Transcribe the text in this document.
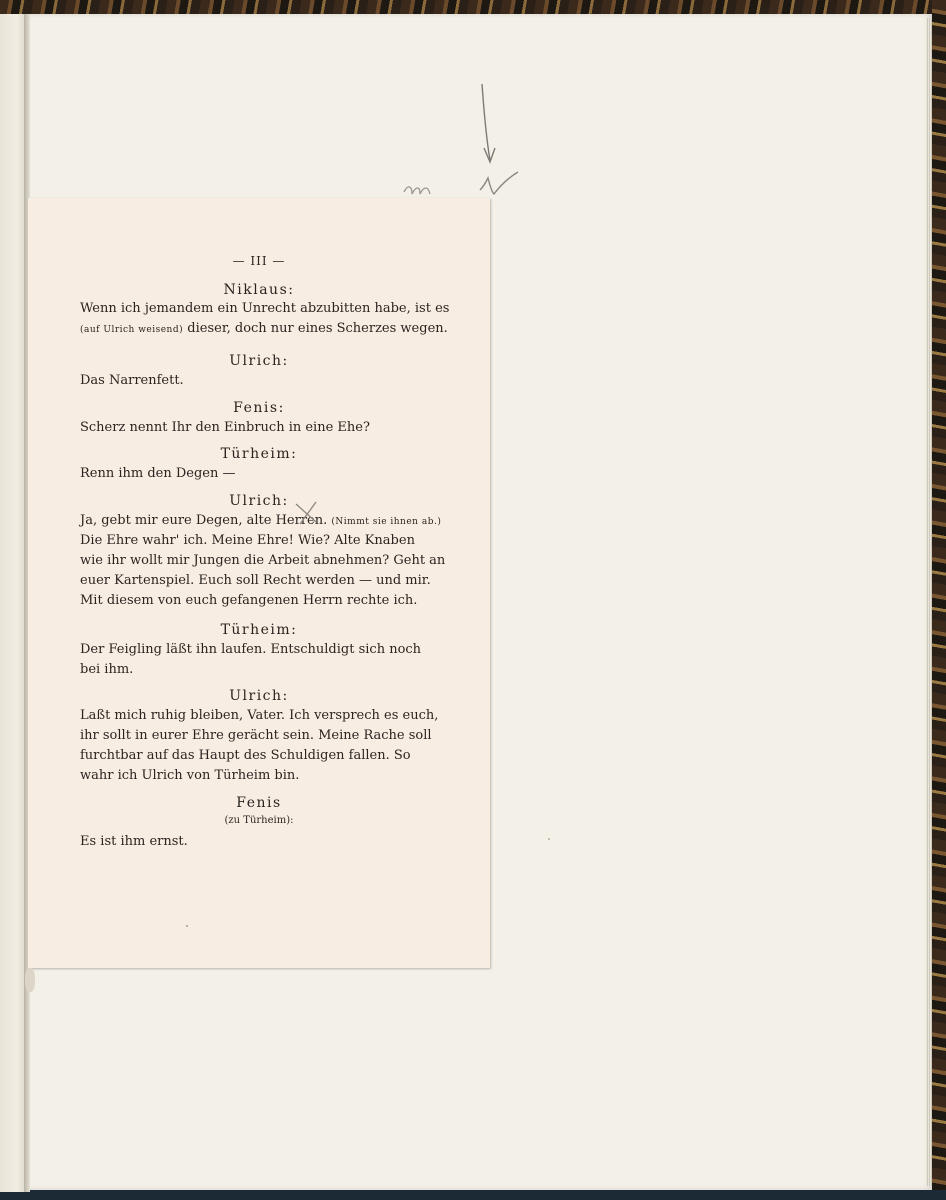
— III —
Niklaus:
Wenn ich jemandem ein Unrecht abzubitten habe, ist es
(auf Ulrich weisend) dieser, doch nur eines Scherzes wegen.
Ulrich:
Das Narrenfett.
Fenis:
Scherz nennt Ihr den Einbruch in eine Ehe?
Türheim:
Renn ihm den Degen —
Ulrich:
Ja, gebt mir eure Degen, alte Herren. (Nimmt sie ihnen ab.)
Die Ehre wahr' ich. Meine Ehre! Wie? Alte Knaben
wie ihr wollt mir Jungen die Arbeit abnehmen? Geht an
euer Kartenspiel. Euch soll Recht werden — und mir.
Mit diesem von euch gefangenen Herrn rechte ich.
Türheim:
Der Feigling läßt ihn laufen. Entschuldigt sich noch
bei ihm.
Ulrich:
Laßt mich ruhig bleiben, Vater. Ich versprech es euch,
ihr sollt in eurer Ehre gerächt sein. Meine Rache soll
furchtbar auf das Haupt des Schuldigen fallen. So
wahr ich Ulrich von Türheim bin.
Fenis
(zu Türheim):
Es ist ihm ernst.
